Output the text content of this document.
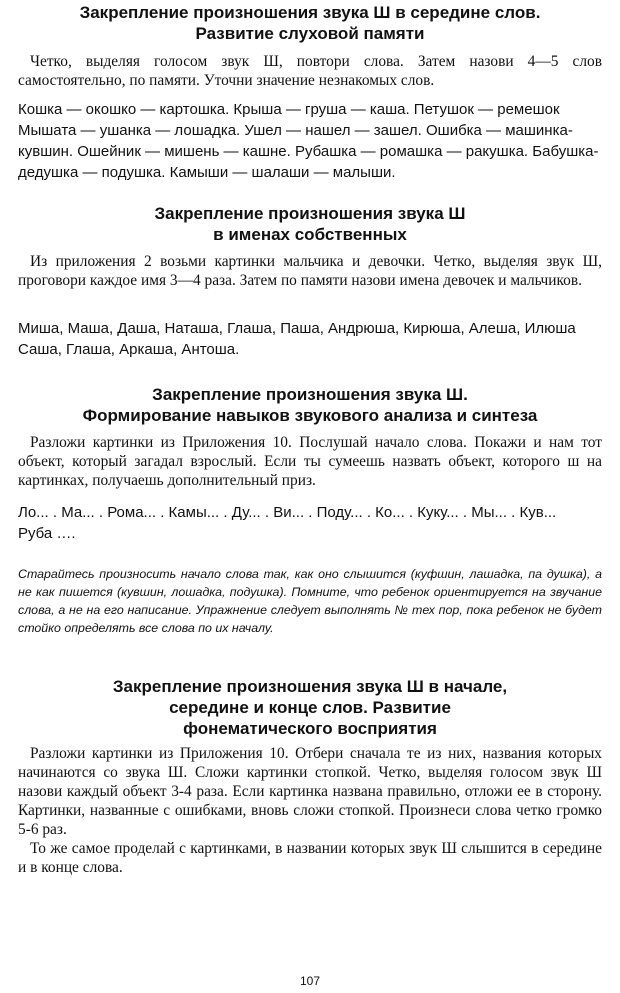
Закрепление произношения звука Ш в середине слов.
Развитие слуховой памяти

Четко, выделяя голосом звук Ш, повтори слова. Затем назови 4—5 слов самостоятельно, по памяти. Уточни значение незнакомых слов.

Кошка — окошко — картошка. Крыша — груша — каша. Петушок — ремешок
Мышата — ушанка — лошадка. Ушел — нашел — зашел. Ошибка — машинка-
кувшин. Ошейник — мишень — кашне. Рубашка — ромашка — ракушка. Бабушка-
дедушка — подушка. Камыши — шалаши — малыши.
Закрепление произношения звука Ш
в именах собственных

Из приложения 2 возьми картинки мальчика и девочки. Четко, выделяя звук Ш, проговори каждое имя 3—4 раза. Затем по памяти назови имена девочек и мальчиков.

Миша, Маша, Даша, Наташа, Глаша, Паша, Андрюша, Кирюша, Алеша, Илюша
Саша, Глаша, Аркаша, Антоша.
Закрепление произношения звука Ш.
Формирование навыков звукового анализа и синтеза

Разложи картинки из Приложения 10. Послушай начало слова. Покажи и нам тот объект, который загадал взрослый. Если ты сумеешь назвать объект, которого ш на картинках, получаешь дополнительный приз.

Ло... . Ма... . Рома... . Камы... . Ду... . Ви... . Поду... . Ко... . Куку... . Мы... . Кув...
Руба ….

Старайтесь произносить начало слова так, как оно слышится (куфшин, лашадка, па душка), а не как пишется (кувшин, лошадка, подушка). Помните, что ребенок ориентируется на звучание слова, а не на его написание. Упражнение следует выполнять № тех пор, пока ребенок не будет стойко определять все слова по их началу.

Закрепление произношения звука Ш в начале,
середине и конце слов. Развитие
фонематического восприятия

Разложи картинки из Приложения 10. Отбери сначала те из них, названия которых начинаются со звука Ш. Сложи картинки стопкой. Четко, выделяя голосом звук Ш назови каждый объект 3-4 раза. Если картинка названа правильно, отложи ее в сторону. Картинки, названные с ошибками, вновь сложи стопкой. Произнеси слова четко громко 5-6 раз.

То же самое проделай с картинками, в названии которых звук Ш слышится в середине и в конце слова.

107
